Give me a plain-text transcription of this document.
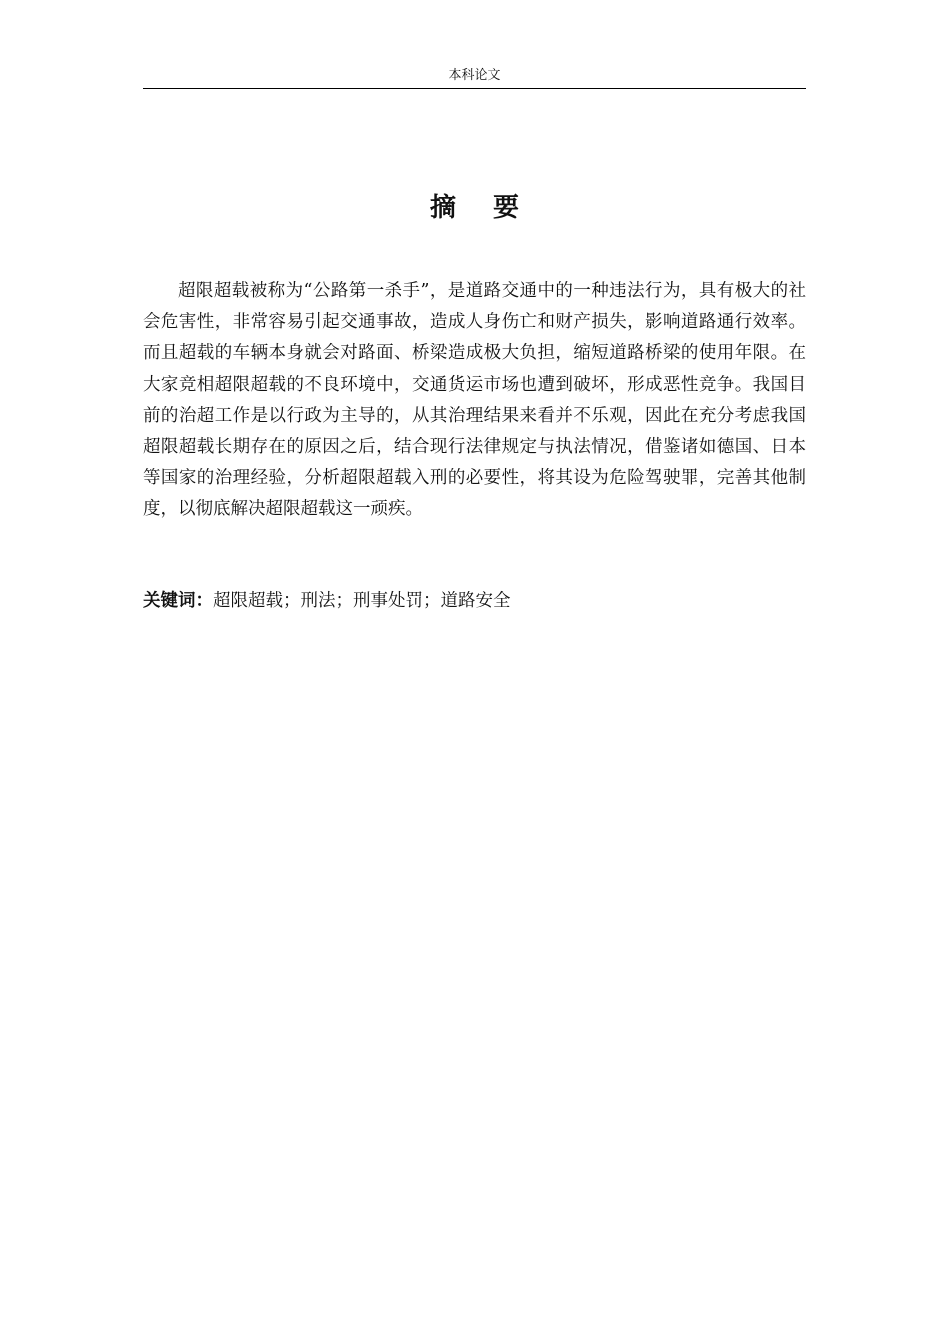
本科论文
摘 要

超限超载被称为“公路第一杀手”，是道路交通中的一种违法行为，具有极大的社会危害性，非常容易引起交通事故，造成人身伤亡和财产损失，影响道路通行效率。而且超载的车辆本身就会对路面、桥梁造成极大负担，缩短道路桥梁的使用年限。在大家竞相超限超载的不良环境中，交通货运市场也遭到破坏，形成恶性竞争。我国目前的治超工作是以行政为主导的，从其治理结果来看并不乐观，因此在充分考虑我国超限超载长期存在的原因之后，结合现行法律规定与执法情况，借鉴诸如德国、日本等国家的治理经验，分析超限超载入刑的必要性，将其设为危险驾驶罪，完善其他制度，以彻底解决超限超载这一顽疾。

关键词：超限超载；刑法；刑事处罚；道路安全
